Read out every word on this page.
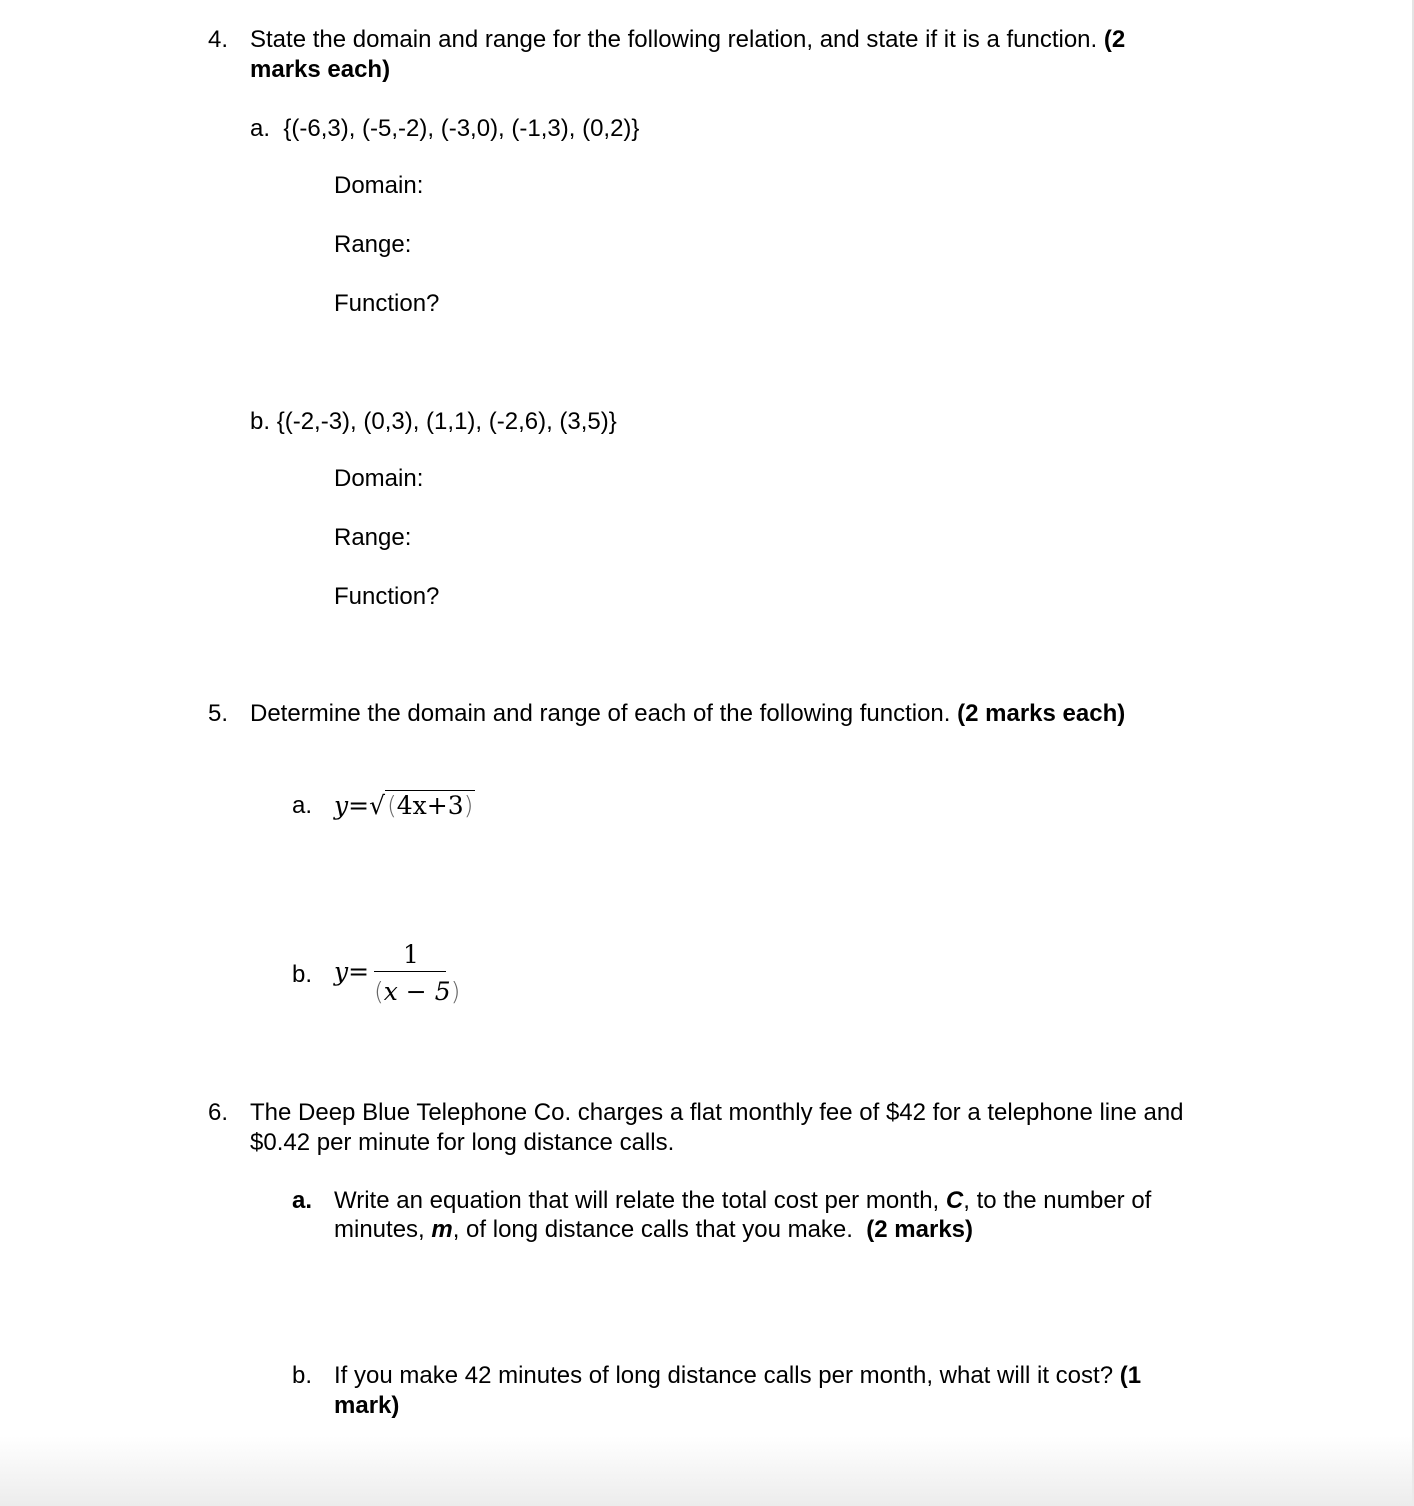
4. State the domain and range for the following relation, and state if it is a function. (2
marks each)
a. {(-6,3), (-5,-2), (-3,0), (-1,3), (0,2)}
Domain:
Range:
Function?
b. {(-2,-3), (0,3), (1,1), (-2,6), (3,5)}
Domain:
Range:
Function?
5. Determine the domain and range of each of the following function. (2 marks each)
a. y=√(4x+3)
b. y=
1
(x − 5)
6. The Deep Blue Telephone Co. charges a flat monthly fee of $42 for a telephone line and
$0.42 per minute for long distance calls.
a. Write an equation that will relate the total cost per month, C, to the number of
minutes, m, of long distance calls that you make. (2 marks)
b. If you make 42 minutes of long distance calls per month, what will it cost? (1
mark)
